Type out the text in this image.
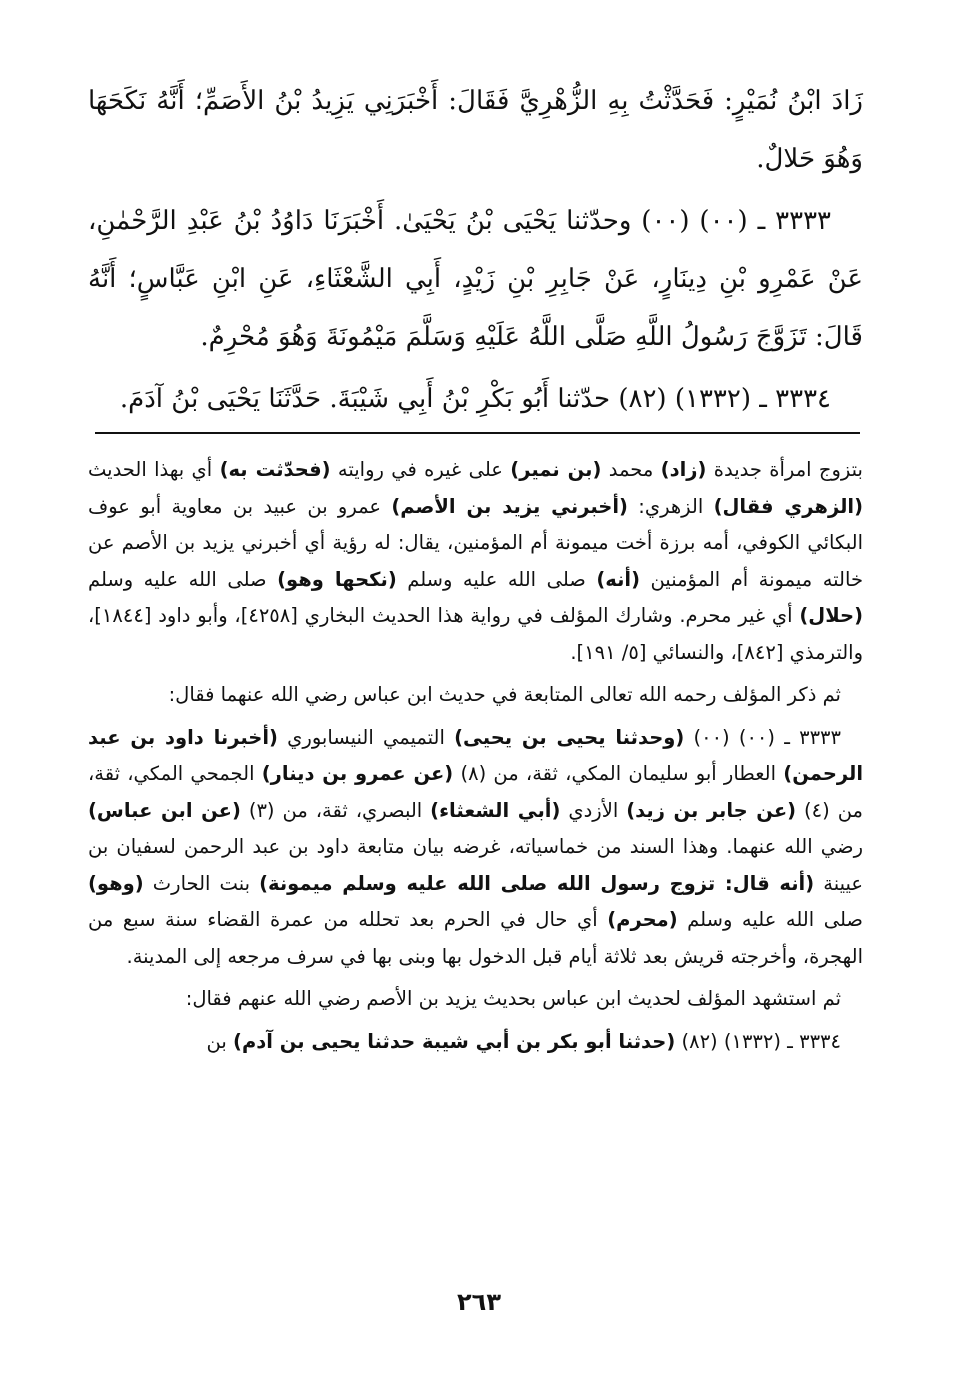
زَادَ ابْنُ نُمَيْرٍ: فَحَدَّثْتُ بِهِ الزُّهْرِيَّ فَقَالَ: أَخْبَرَنِي يَزِيدُ بْنُ الأَصَمِّ؛ أَنَّهُ نَكَحَهَا وَهُوَ حَلالٌ.

٣٣٣٣ ـ (٠٠) (٠٠) وحدّثنا يَحْيَى بْنُ يَحْيَىٰ. أَخْبَرَنَا دَاوُدُ بْنُ عَبْدِ الرَّحْمٰنِ، عَنْ عَمْرِو بْنِ دِينَارٍ، عَنْ جَابِرِ بْنِ زَيْدٍ، أَبِي الشَّعْثَاءِ، عَنِ ابْنِ عَبَّاسٍ؛ أَنَّهُ قَالَ: تَزَوَّجَ رَسُولُ اللَّهِ صَلَّى اللَّهُ عَلَيْهِ وَسَلَّمَ مَيْمُونَةَ وَهُوَ مُحْرِمٌ.

٣٣٣٤ ـ (١٣٣٢) (٨٢) حدّثنا أَبُو بَكْرِ بْنُ أَبِي شَيْبَةَ. حَدَّثَنَا يَحْيَى بْنُ آدَمَ.

بتزوج امرأة جديدة (زاد) محمد (بن نمير) على غيره في روايته (فحدّثت به) أي بهذا الحديث (الزهري فقال) الزهري: (أخبرني يزيد بن الأصم) عمرو بن عبيد بن معاوية أبو عوف البكائي الكوفي، أمه برزة أخت ميمونة أم المؤمنين، يقال: له رؤية أي أخبرني يزيد بن الأصم عن خالته ميمونة أم المؤمنين (أنه) صلى الله عليه وسلم (نكحها وهو) صلى الله عليه وسلم (حلال) أي غير محرم. وشارك المؤلف في رواية هذا الحديث البخاري [٤٢٥٨]، وأبو داود [١٨٤٤]، والترمذي [٨٤٢]، والنسائي [٥/ ١٩١].

ثم ذكر المؤلف رحمه الله تعالى المتابعة في حديث ابن عباس رضي الله عنهما فقال:

٣٣٣٣ ـ (٠٠) (٠٠) (وحدثنا يحيى بن يحيى) التميمي النيسابوري (أخبرنا داود بن عبد الرحمن) العطار أبو سليمان المكي، ثقة، من (٨) (عن عمرو بن دينار) الجمحي المكي، ثقة، من (٤) (عن جابر بن زيد) الأزدي (أبي الشعثاء) البصري، ثقة، من (٣) (عن ابن عباس) رضي الله عنهما. وهذا السند من خماسياته، غرضه بيان متابعة داود بن عبد الرحمن لسفيان بن عيينة (أنه قال: تزوج رسول الله صلى الله عليه وسلم ميمونة) بنت الحارث (وهو) صلى الله عليه وسلم (محرم) أي حال في الحرم بعد تحلله من عمرة القضاء سنة سبع من الهجرة، وأخرجته قريش بعد ثلاثة أيام قبل الدخول بها وبنى بها في سرف مرجعه إلى المدينة.

ثم استشهد المؤلف لحديث ابن عباس بحديث يزيد بن الأصم رضي الله عنهم فقال:

٣٣٣٤ ـ (١٣٣٢) (٨٢) (حدثنا أبو بكر بن أبي شيبة حدثنا يحيى بن آدم) بن

٢٦٣
